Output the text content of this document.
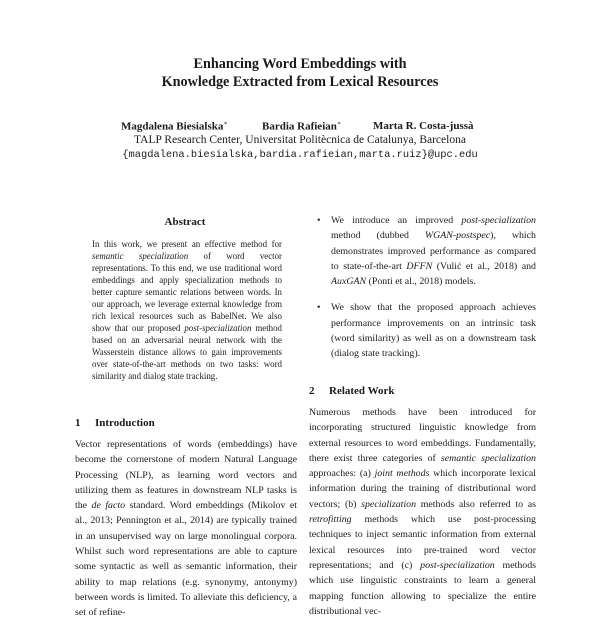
Enhancing Word Embeddings with
Knowledge Extracted from Lexical Resources
Magdalena Biesialska∗	Bardia Rafieian∗	Marta R. Costa-jussà
TALP Research Center, Universitat Politècnica de Catalunya, Barcelona
{magdalena.biesialska,bardia.rafieian,marta.ruiz}@upc.edu
Abstract
In this work, we present an effective method for semantic specialization of word vector representations. To this end, we use traditional word embeddings and apply specialization methods to better capture semantic relations between words. In our approach, we leverage external knowledge from rich lexical resources such as BabelNet. We also show that our proposed post-specialization method based on an adversarial neural network with the Wasserstein distance allows to gain improvements over state-of-the-art methods on two tasks: word similarity and dialog state tracking.
1 Introduction
Vector representations of words (embeddings) have become the cornerstone of modern Natural Language Processing (NLP), as learning word vectors and utilizing them as features in downstream NLP tasks is the de facto standard. Word embeddings (Mikolov et al., 2013; Pennington et al., 2014) are typically trained in an unsupervised way on large monolingual corpora. Whilst such word representations are able to capture some syntactic as well as semantic information, their ability to map relations (e.g. synonymy, antonymy) between words is limited. To alleviate this deficiency, a set of refine-
• We introduce an improved post-specialization method (dubbed WGAN-postspec), which demonstrates improved performance as compared to state-of-the-art DFFN (Vulić et al., 2018) and AuxGAN (Ponti et al., 2018) models.
• We show that the proposed approach achieves performance improvements on an intrinsic task (word similarity) as well as on a downstream task (dialog state tracking).
2 Related Work
Numerous methods have been introduced for incorporating structured linguistic knowledge from external resources to word embeddings. Fundamentally, there exist three categories of semantic specialization approaches: (a) joint methods which incorporate lexical information during the training of distributional word vectors; (b) specialization methods also referred to as retrofitting methods which use post-processing techniques to inject semantic information from external lexical resources into pre-trained word vector representations; and (c) post-specialization methods which use linguistic constraints to learn a general mapping function allowing to specialize the entire distributional vec-
